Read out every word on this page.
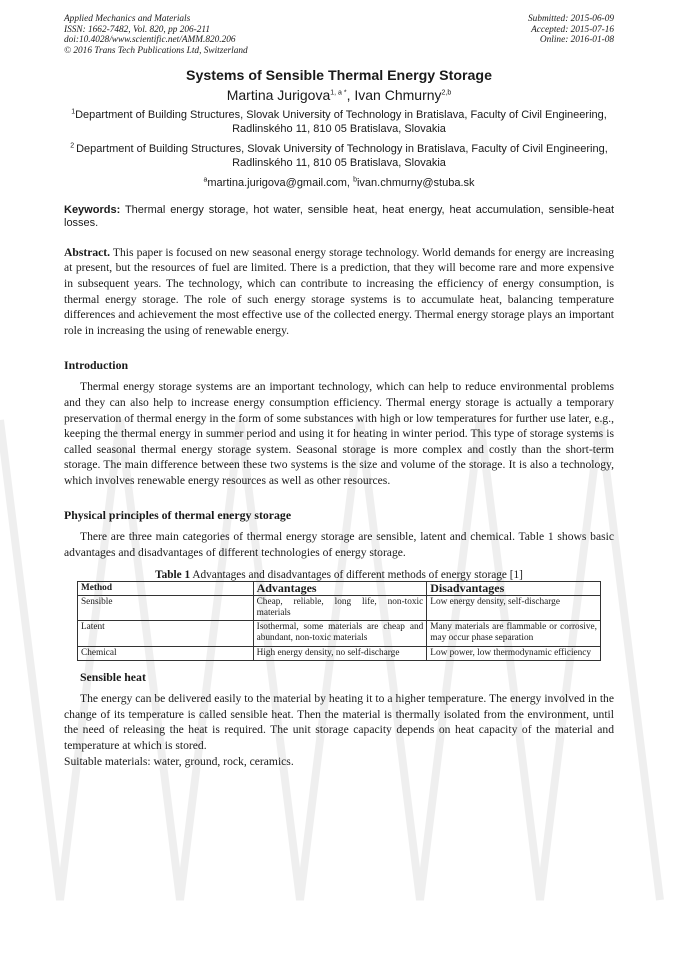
Applied Mechanics and Materials
ISSN: 1662-7482, Vol. 820, pp 206-211
doi:10.4028/www.scientific.net/AMM.820.206
© 2016 Trans Tech Publications Ltd, Switzerland
Submitted: 2015-06-09
Accepted: 2015-07-16
Online: 2016-01-08
Systems of Sensible Thermal Energy Storage
Martina Jurigova$^{1, a *}$, Ivan Chmurny$^{2,b}$
$^1$Department of Building Structures, Slovak University of Technology in Bratislava, Faculty of Civil Engineering, Radlinského 11, 810 05 Bratislava, Slovakia
$^2$ Department of Building Structures, Slovak University of Technology in Bratislava, Faculty of Civil Engineering, Radlinského 11, 810 05 Bratislava, Slovakia
$^a$martina.jurigova@gmail.com, $^b$ivan.chmurny@stuba.sk
Keywords: Thermal energy storage, hot water, sensible heat, heat energy, heat accumulation, sensible-heat losses.
Abstract. This paper is focused on new seasonal energy storage technology. World demands for energy are increasing at present, but the resources of fuel are limited. There is a prediction, that they will become rare and more expensive in subsequent years. The technology, which can contribute to increasing the efficiency of energy consumption, is thermal energy storage. The role of such energy storage systems is to accumulate heat, balancing temperature differences and achievement the most effective use of the collected energy. Thermal energy storage plays an important role in increasing the using of renewable energy.
Introduction
Thermal energy storage systems are an important technology, which can help to reduce environmental problems and they can also help to increase energy consumption efficiency. Thermal energy storage is actually a temporary preservation of thermal energy in the form of some substances with high or low temperatures for further use later, e.g., keeping the thermal energy in summer period and using it for heating in winter period. This type of storage systems is called seasonal thermal energy storage system. Seasonal storage is more complex and costly than the short-term storage. The main difference between these two systems is the size and volume of the storage. It is also a technology, which involves renewable energy resources as well as other resources.
Physical principles of thermal energy storage
There are three main categories of thermal energy storage are sensible, latent and chemical. Table 1 shows basic advantages and disadvantages of different technologies of energy storage.
Table 1 Advantages and disadvantages of different methods of energy storage [1]
Method	Advantages	Disadvantages
Sensible	Cheap, reliable, long life, non-toxic materials	Low energy density, self-discharge
Latent	Isothermal, some materials are cheap and abundant, non-toxic materials	Many materials are flammable or corrosive, may occur phase separation
Chemical	High energy density, no self-discharge	Low power, low thermodynamic efficiency
Sensible heat
The energy can be delivered easily to the material by heating it to a higher temperature. The energy involved in the change of its temperature is called sensible heat. Then the material is thermally isolated from the environment, until the need of releasing the heat is required. The unit storage capacity depends on heat capacity of the material and temperature at which is stored.
Suitable materials: water, ground, rock, ceramics.
